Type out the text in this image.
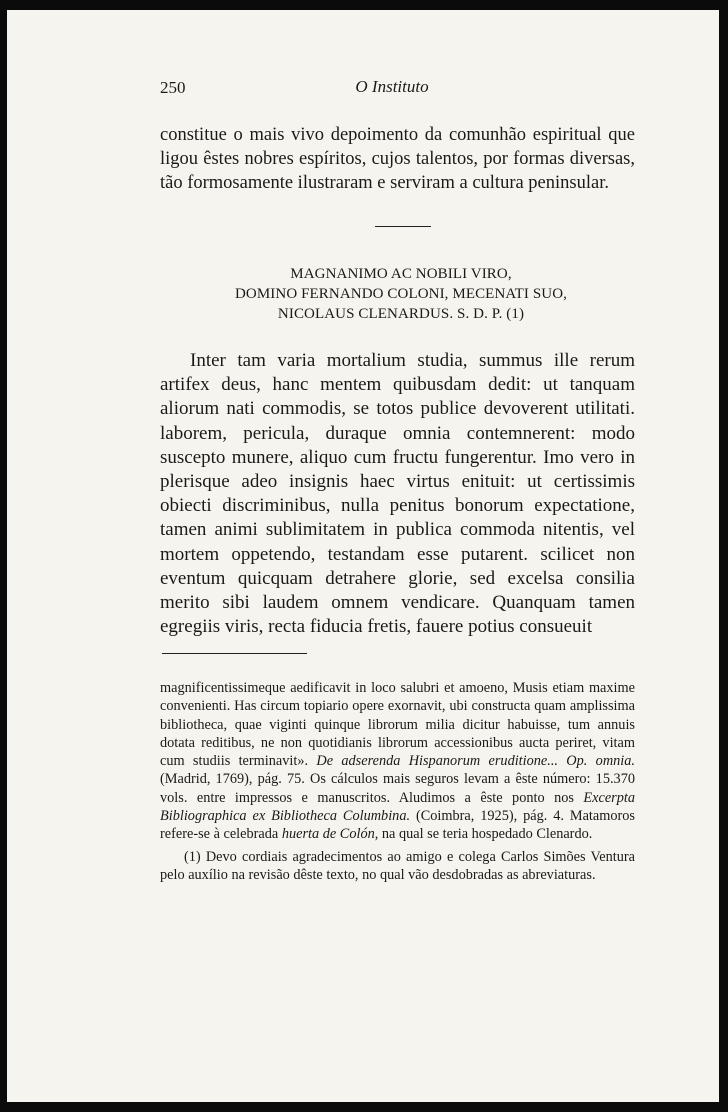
250	O Instituto

constitue o mais vivo depoimento da comunhão espiritual que ligou êstes nobres espíritos, cujos talentos, por formas diversas, tão formosamente ilustraram e serviram a cultura peninsular.

MAGNANIMO AC NOBILI VIRO,
DOMINO FERNANDO COLONI, MECENATI SUO,
NICOLAUS CLENARDUS. S. D. P. (1)

Inter tam varia mortalium studia, summus ille rerum artifex deus, hanc mentem quibusdam dedit: ut tanquam aliorum nati commodis, se totos publice devoverent utilitati. laborem, pericula, duraque omnia contemnerent: modo suscepto munere, aliquo cum fructu fungerentur. Imo vero in plerisque adeo insignis haec virtus enituit: ut certissimis obiecti discriminibus, nulla penitus bonorum expectatione, tamen animi sublimitatem in publica commoda nitentis, vel mortem oppetendo, testandam esse putarent. scilicet non eventum quicquam detrahere glorie, sed excelsa consilia merito sibi laudem omnem vendicare. Quanquam tamen egregiis viris, recta fiducia fretis, fauere potius consueuit

magnificentissimeque aedificavit in loco salubri et amoeno, Musis etiam maxime convenienti. Has circum topiario opere exornavit, ubi constructa quam amplissima bibliotheca, quae viginti quinque librorum milia dicitur habuisse, tum annuis dotata reditibus, ne non quotidianis librorum accessionibus aucta periret, vitam cum studiis terminavit». De adserenda Hispanorum eruditione... Op. omnia. (Madrid, 1769), pág. 75. Os cálculos mais seguros levam a êste número: 15.370 vols. entre impressos e manuscritos. Aludimos a êste ponto nos Excerpta Bibliographica ex Bibliotheca Columbina. (Coimbra, 1925), pág. 4. Matamoros refere-se à celebrada huerta de Colón, na qual se teria hospedado Clenardo.

(1) Devo cordiais agradecimentos ao amigo e colega Carlos Simões Ventura pelo auxílio na revisão dêste texto, no qual vão desdobradas as abreviaturas.
